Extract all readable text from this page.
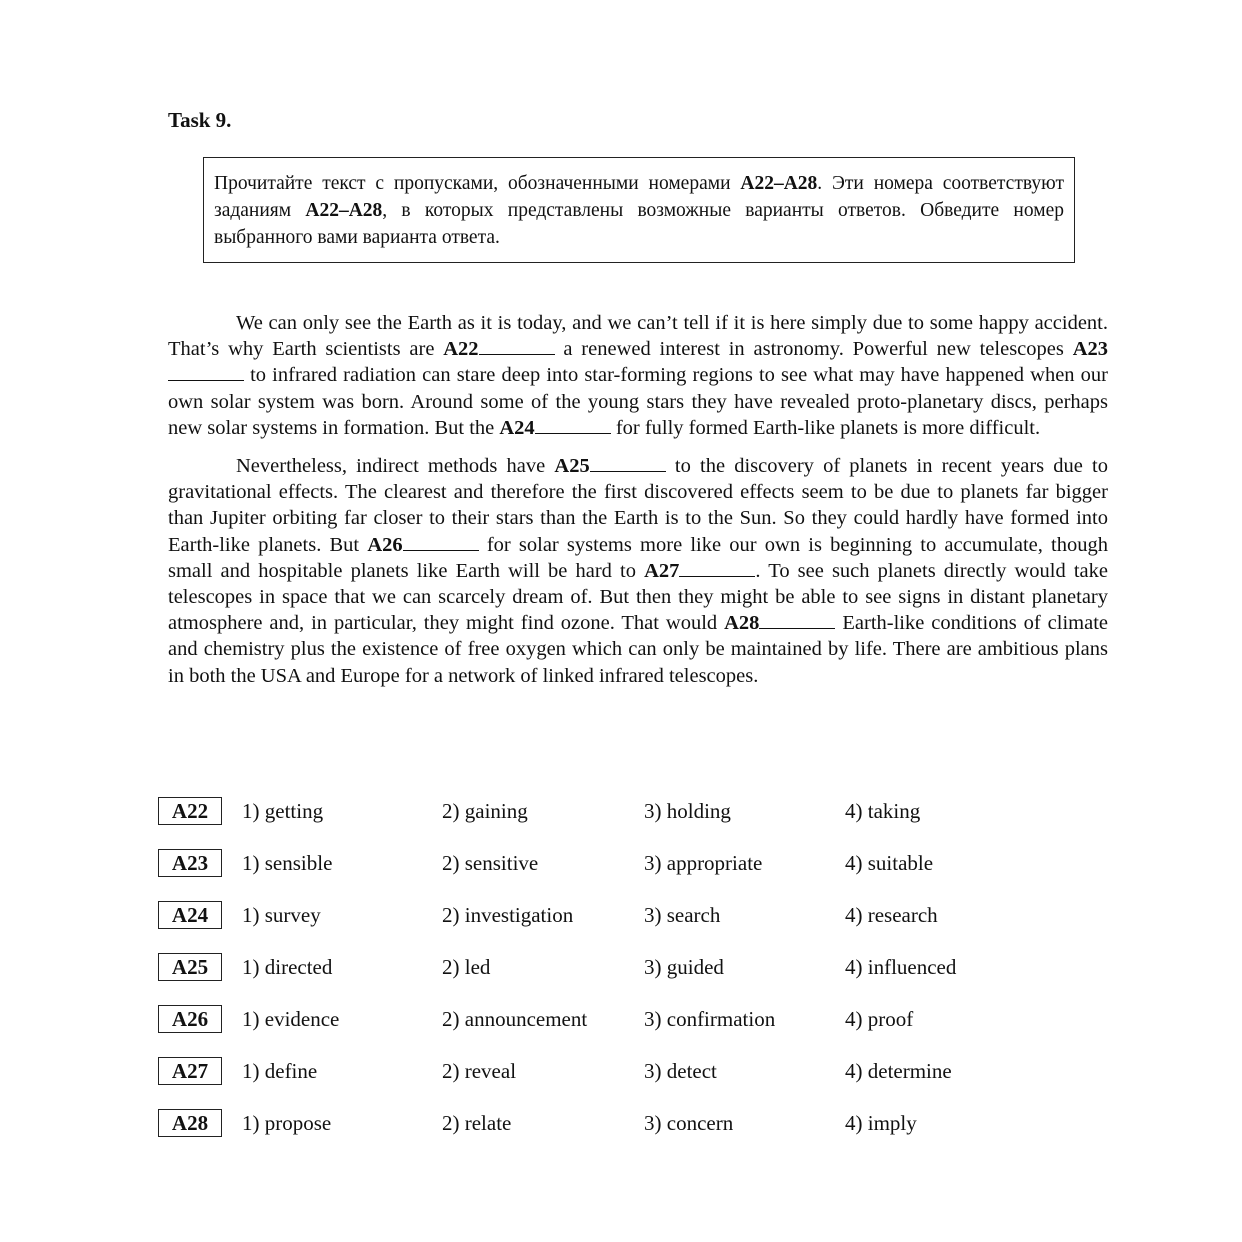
Task 9.
Прочитайте текст с пропусками, обозначенными номерами A22–A28. Эти номера соответствуют заданиям A22–A28, в которых представлены возможные варианты ответов. Обведите номер выбранного вами варианта ответа.

We can only see the Earth as it is today, and we can’t tell if it is here simply due to some happy accident. That’s why Earth scientists are A22	a renewed interest in astronomy. Powerful new telescopes A23 to infrared radiation can stare deep into star-forming regions to see what may have happened when our own solar system was born. Around some of the young stars they have revealed proto-planetary discs, perhaps new solar systems in formation. But the A24	for fully formed Earth-like planets is more difficult.

Nevertheless, indirect methods have A25	to the discovery of planets in recent years due to gravitational effects. The clearest and therefore the first discovered effects seem to be due to planets far bigger than Jupiter orbiting far closer to their stars than the Earth is to the Sun. So they could hardly have formed into Earth-like planets. But A26	for solar systems more like our own is beginning to accumulate, though small and hospitable planets like Earth will be hard to A27	. To see such planets directly would take telescopes in space that we can scarcely dream of. But then they might be able to see signs in distant planetary atmosphere and, in particular, they might find ozone. That would A28	Earth-like conditions of climate and chemistry plus the existence of free oxygen which can only be maintained by life. There are ambitious plans in both the USA and Europe for a network of linked infrared telescopes.

A22	1) getting	2) gaining	3) holding	4) taking
A23	1) sensible	2) sensitive	3) appropriate	4) suitable
A24	1) survey	2) investigation	3) search	4) research
A25	1) directed	2) led	3) guided	4) influenced
A26	1) evidence	2) announcement	3) confirmation	4) proof
A27	1) define	2) reveal	3) detect	4) determine
A28	1) propose	2) relate	3) concern	4) imply
